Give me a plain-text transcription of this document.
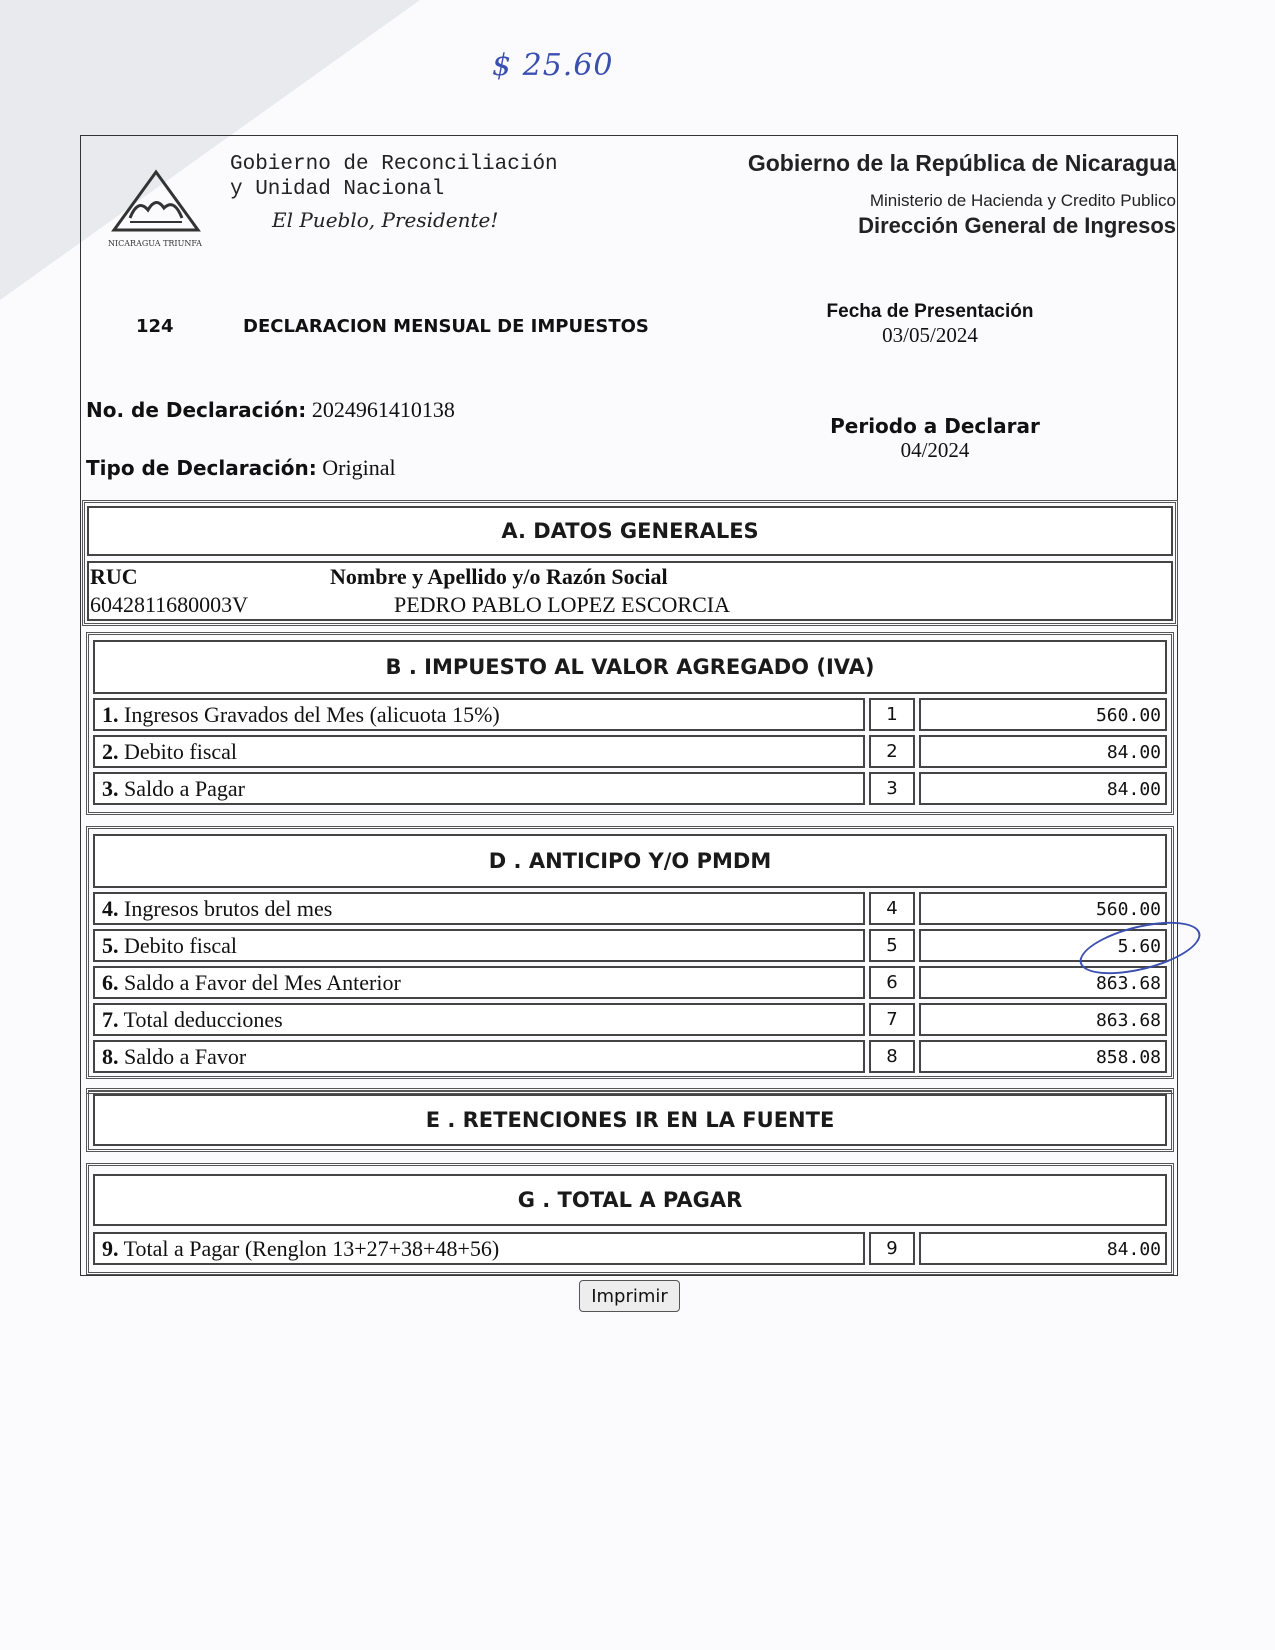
$ 25.60
NICARAGUA TRIUNFA
Gobierno de Reconciliación
y Unidad Nacional
El Pueblo, Presidente!
Gobierno de la República de Nicaragua
Ministerio de Hacienda y Credito Publico
Dirección General de Ingresos
124	DECLARACION MENSUAL DE IMPUESTOS
Fecha de Presentación
03/05/2024
No. de Declaración: 2024961410138
Tipo de Declaración: Original
Periodo a Declarar
04/2024
A. DATOS GENERALES
RUC	Nombre y Apellido y/o Razón Social
6042811680003V	PEDRO PABLO LOPEZ ESCORCIA
B . IMPUESTO AL VALOR AGREGADO (IVA)
1. Ingresos Gravados del Mes (alicuota 15%)	1	560.00
2. Debito fiscal	2	84.00
3. Saldo a Pagar	3	84.00
D . ANTICIPO Y/O PMDM
4. Ingresos brutos del mes	4	560.00
5. Debito fiscal	5	5.60
6. Saldo a Favor del Mes Anterior	6	863.68
7. Total deducciones	7	863.68
8. Saldo a Favor	8	858.08
E . RETENCIONES IR EN LA FUENTE
G . TOTAL A PAGAR
9. Total a Pagar (Renglon 13+27+38+48+56)	9	84.00
Imprimir
